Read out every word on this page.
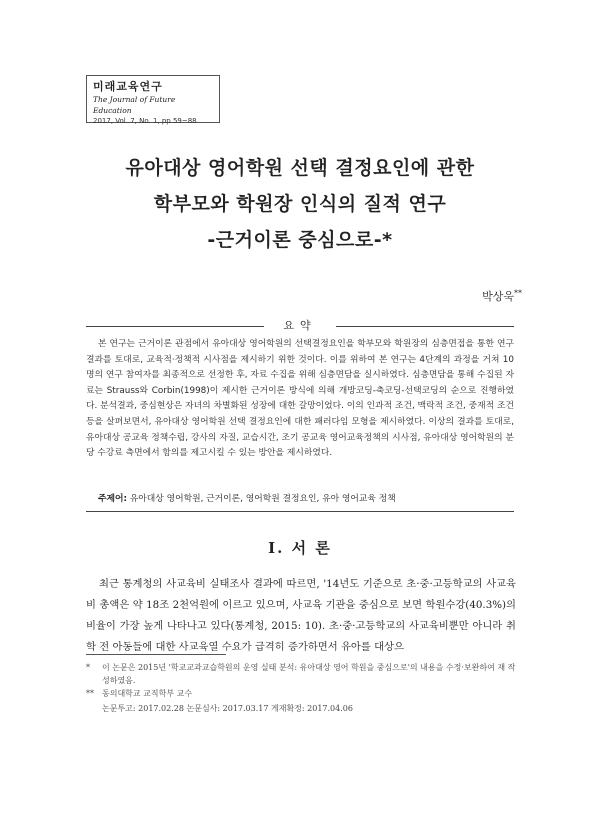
미래교육연구
The Journal of Future Education
2017, Vol. 7, No. 1, pp 59~88
유아대상 영어학원 선택 결정요인에 관한
학부모와 학원장 인식의 질적 연구
-근거이론 중심으로-*
박상욱**
요약
본 연구는 근거이론 관점에서 유아대상 영어학원의 선택결정요인을 학부모와 학원장의 심층면접을 통한 연구결과를 토대로, 교육적·정책적 시사점을 제시하기 위한 것이다. 이를 위하여 본 연구는 4단계의 과정을 거쳐 10명의 연구 참여자를 최종적으로 선정한 후, 자료 수집을 위해 심층면담을 실시하였다. 심층면담을 통해 수집된 자료는 Strauss와 Corbin(1998)이 제시한 근거이론 방식에 의해 개방코딩-축코딩-선택코딩의 순으로 진행하였다. 분석결과, 중심현상은 자녀의 차별화된 성장에 대한 갈망이었다. 이의 인과적 조건, 맥락적 조건, 중재적 조건 등을 살펴보면서, 유아대상 영어학원 선택 결정요인에 대한 패러다임 모형을 제시하였다. 이상의 결과를 토대로, 유아대상 공교육 정책수립, 강사의 자질, 교습시간, 조기 공교육 영어교육정책의 시사점, 유아대상 영어학원의 분당 수강료 측면에서 함의를 제고시킬 수 있는 방안을 제시하였다.
주제어: 유아대상 영어학원, 근거이론, 영어학원 결정요인, 유아 영어교육 정책
I. 서 론
최근 통계청의 사교육비 실태조사 결과에 따르면, '14년도 기준으로 초·중·고등학교의 사교육비 총액은 약 18조 2천억원에 이르고 있으며, 사교육 기관을 중심으로 보면 학원수강(40.3%)의 비율이 가장 높게 나타나고 있다(통계청, 2015: 10). 초·중·고등학교의 사교육비뿐만 아니라 취학 전 아동들에 대한 사교육열 수요가 급격히 증가하면서 유아를 대상으
* 이 논문은 2015년 '학교교과교습학원의 운영 실태 분석: 유아대상 영어 학원을 중심으로'의 내용을 수정·보완하여 재 작성하였음.
** 동의대학교 교직학부 교수
논문투고: 2017.02.28 논문심사: 2017.03.17 게재확정: 2017.04.06
